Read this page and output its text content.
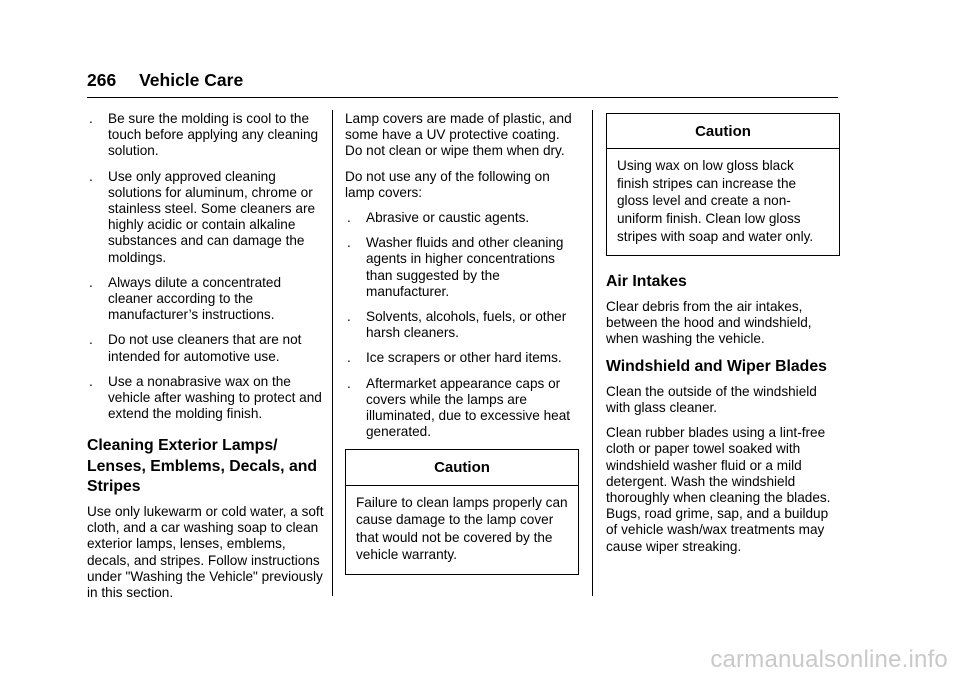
266 Vehicle Care
. Be sure the molding is cool to the touch before applying any cleaning solution.
. Use only approved cleaning solutions for aluminum, chrome or stainless steel. Some cleaners are highly acidic or contain alkaline substances and can damage the moldings.
. Always dilute a concentrated cleaner according to the manufacturer’s instructions.
. Do not use cleaners that are not intended for automotive use.
. Use a nonabrasive wax on the vehicle after washing to protect and extend the molding finish.
Cleaning Exterior Lamps/ Lenses, Emblems, Decals, and Stripes

Use only lukewarm or cold water, a soft cloth, and a car washing soap to clean exterior lamps, lenses, emblems, decals, and stripes. Follow instructions under "Washing the Vehicle" previously in this section.

Lamp covers are made of plastic, and some have a UV protective coating. Do not clean or wipe them when dry.

Do not use any of the following on lamp covers:

. Abrasive or caustic agents.
. Washer fluids and other cleaning agents in higher concentrations than suggested by the manufacturer.
. Solvents, alcohols, fuels, or other harsh cleaners.
. Ice scrapers or other hard items.
. Aftermarket appearance caps or covers while the lamps are illuminated, due to excessive heat generated.
Caution
Failure to clean lamps properly can cause damage to the lamp cover that would not be covered by the vehicle warranty.
Caution
Using wax on low gloss black finish stripes can increase the gloss level and create a non-uniform finish. Clean low gloss stripes with soap and water only.
Air Intakes

Clear debris from the air intakes, between the hood and windshield, when washing the vehicle.

Windshield and Wiper Blades

Clean the outside of the windshield with glass cleaner.

Clean rubber blades using a lint-free cloth or paper towel soaked with windshield washer fluid or a mild detergent. Wash the windshield thoroughly when cleaning the blades. Bugs, road grime, sap, and a buildup of vehicle wash/wax treatments may cause wiper streaking.

carmanualsonline.info
